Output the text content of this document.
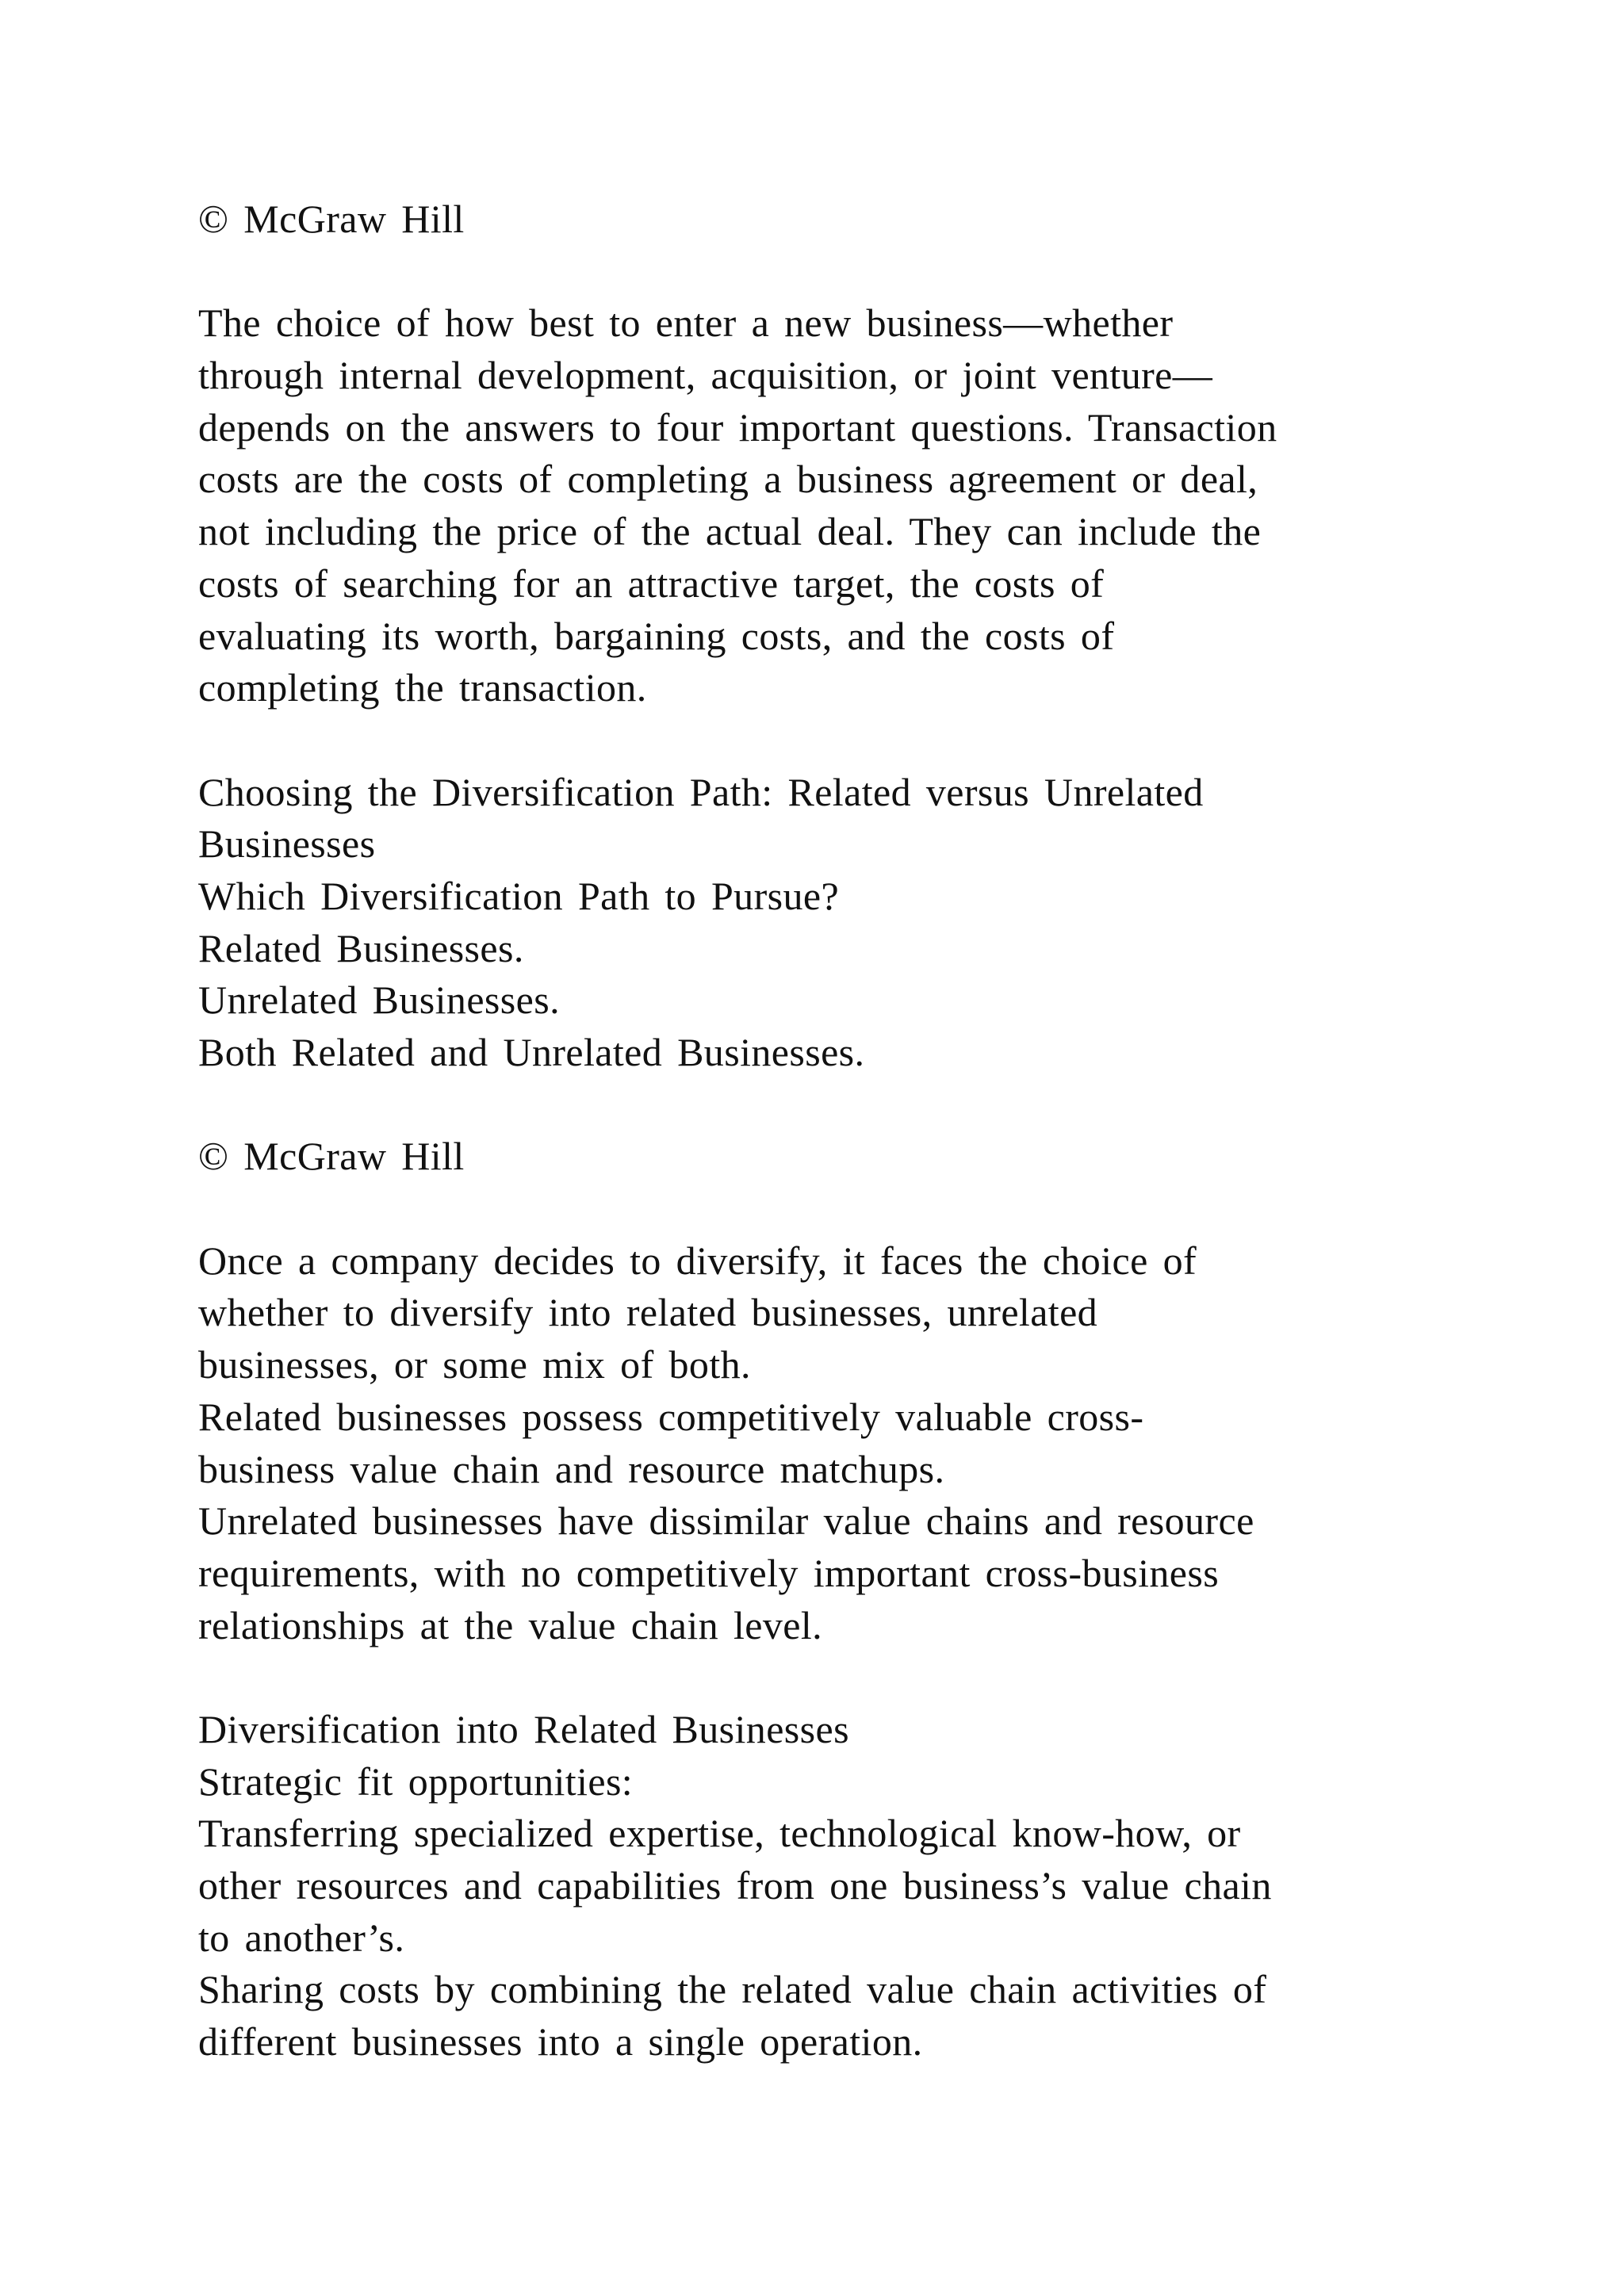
© McGraw Hill
The choice of how best to enter a new business—whether
through internal development, acquisition, or joint venture—
depends on the answers to four important questions. Transaction
costs are the costs of completing a business agreement or deal,
not including the price of the actual deal. They can include the
costs of searching for an attractive target, the costs of
evaluating its worth, bargaining costs, and the costs of
completing the transaction.
Choosing the Diversification Path: Related versus Unrelated
Businesses
Which Diversification Path to Pursue?
Related Businesses.
Unrelated Businesses.
Both Related and Unrelated Businesses.
© McGraw Hill
Once a company decides to diversify, it faces the choice of
whether to diversify into related businesses, unrelated
businesses, or some mix of both.
Related businesses possess competitively valuable cross-
business value chain and resource matchups.
Unrelated businesses have dissimilar value chains and resource
requirements, with no competitively important cross-business
relationships at the value chain level.
Diversification into Related Businesses
Strategic fit opportunities:
Transferring specialized expertise, technological know-how, or
other resources and capabilities from one business’s value chain
to another’s.
Sharing costs by combining the related value chain activities of
different businesses into a single operation.
